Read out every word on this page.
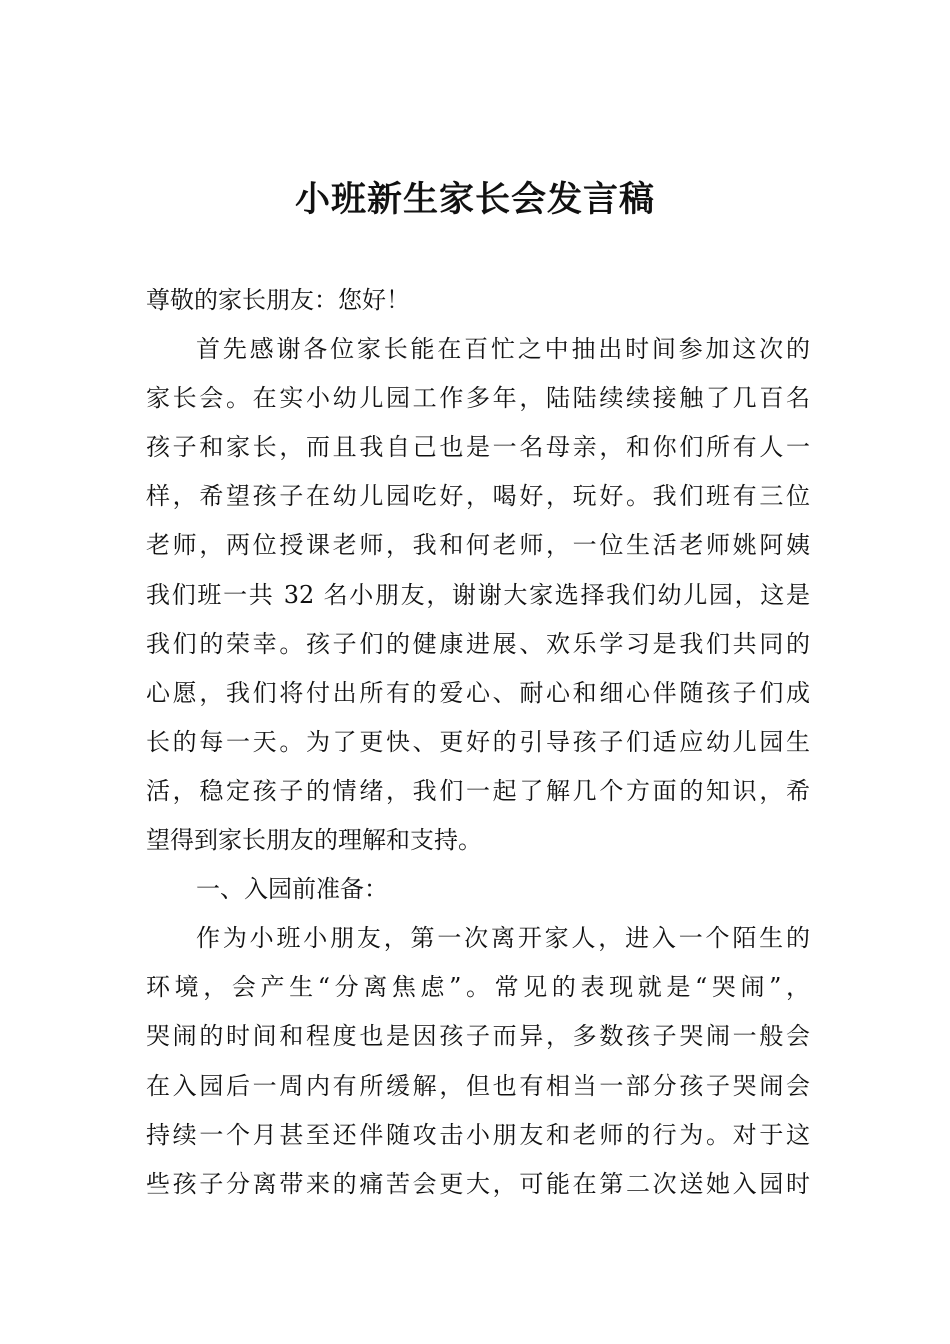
小班新生家长会发言稿
尊敬的家长朋友：您好！
首先感谢各位家长能在百忙之中抽出时间参加这次的
家长会。在实小幼儿园工作多年，陆陆续续接触了几百名
孩子和家长，而且我自己也是一名母亲，和你们所有人一
样，希望孩子在幼儿园吃好，喝好，玩好。我们班有三位
老师，两位授课老师，我和何老师，一位生活老师姚阿姨
我们班一共 32 名小朋友，谢谢大家选择我们幼儿园，这是
我们的荣幸。孩子们的健康进展、欢乐学习是我们共同的
心愿，我们将付出所有的爱心、耐心和细心伴随孩子们成
长的每一天。为了更快、更好的引导孩子们适应幼儿园生
活，稳定孩子的情绪，我们一起了解几个方面的知识，希
望得到家长朋友的理解和支持。
一、入园前准备：
作为小班小朋友，第一次离开家人，进入一个陌生的
环境，会产生“分离焦虑”。常见的表现就是“哭闹”，
哭闹的时间和程度也是因孩子而异，多数孩子哭闹一般会
在入园后一周内有所缓解，但也有相当一部分孩子哭闹会
持续一个月甚至还伴随攻击小朋友和老师的行为。对于这
些孩子分离带来的痛苦会更大，可能在第二次送她入园时
